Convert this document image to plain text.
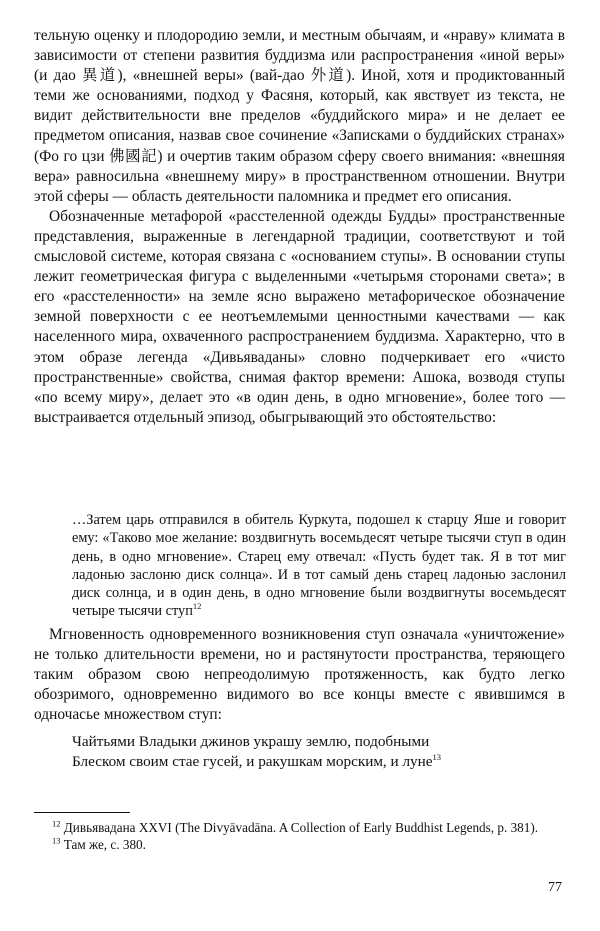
тельную оценку и плодородию земли, и местным обычаям, и «нраву» климата в зависимости от степени развития буддизма или распространения «иной веры» (и дао 異道), «внешней веры» (вай-дао 外道). Иной, хотя и продиктованный теми же основаниями, подход у Фасяня, который, как явствует из текста, не видит действительности вне пределов «буддийского мира» и не делает ее предметом описания, назвав свое сочинение «Записками о буддийских странах» (Фо го цзи 佛國記) и очертив таким образом сферу своего внимания: «внешняя вера» равносильна «внешнему миру» в пространственном отношении. Внутри этой сферы — область деятельности паломника и предмет его описания.

Обозначенные метафорой «расстеленной одежды Будды» пространственные представления, выраженные в легендарной традиции, соответствуют и той смысловой системе, которая связана с «основанием ступы». В основании ступы лежит геометрическая фигура с выделенными «четырьмя сторонами света»; в его «расстеленности» на земле ясно выражено метафорическое обозначение земной поверхности с ее неотъемлемыми ценностными качествами — как населенного мира, охваченного распространением буддизма. Характерно, что в этом образе легенда «Дивьяваданы» словно подчеркивает его «чисто пространственные» свойства, снимая фактор времени: Ашока, возводя ступы «по всему миру», делает это «в один день, в одно мгновение», более того — выстраивается отдельный эпизод, обыгрывающий это обстоятельство:

…Затем царь отправился в обитель Куркута, подошел к старцу Яше и говорит ему: «Таково мое желание: воздвигнуть восемьдесят четыре тысячи ступ в один день, в одно мгновение». Старец ему отвечал: «Пусть будет так. Я в тот миг ладонью заслоню диск солнца». И в тот самый день старец ладонью заслонил диск солнца, и в один день, в одно мгновение были воздвигнуты восемьдесят четыре тысячи ступ$^{12}$

Мгновенность одновременного возникновения ступ означала «уничтожение» не только длительности времени, но и растянутости пространства, теряющего таким образом свою непреодолимую протяженность, как будто легко обозримого, одновременно видимого во все концы вместе с явившимся в одночасье множеством ступ:

Чайтьями Владыки джинов украшу землю, подобными
Блеском своим стае гусей, и ракушкам морским, и луне$^{13}$

$^{12}$ Дивьявадана XXVI (The Divyāvadāna. A Collection of Early Buddhist Legends, p. 381).

$^{13}$ Там же, с. 380.

77
